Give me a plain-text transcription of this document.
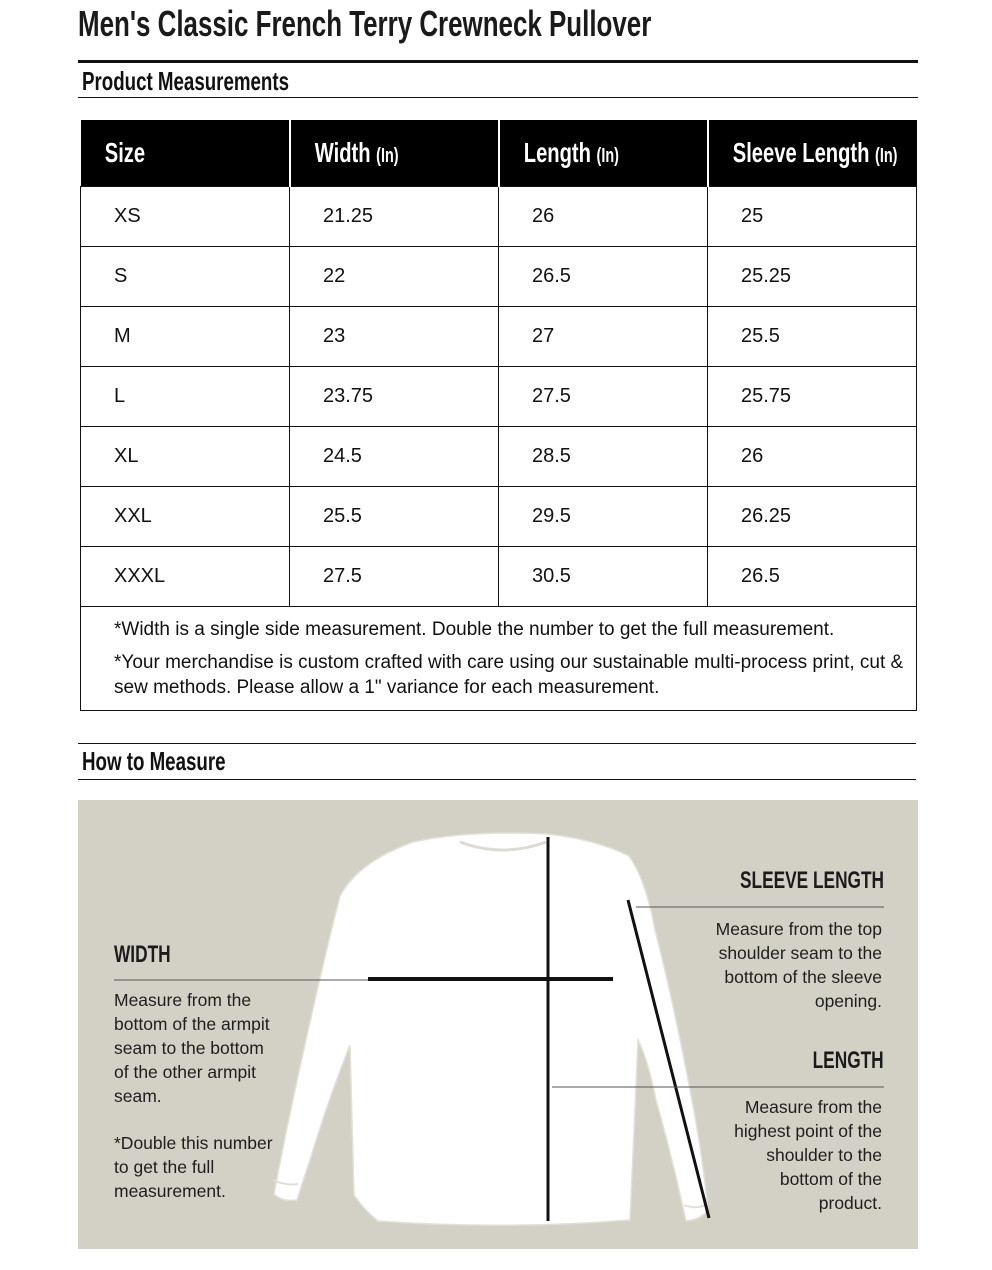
Men's Classic French Terry Crewneck Pullover
Product Measurements
Size	Width (In)	Length (In)	Sleeve Length (In)

XS	21.25	26	25
S	22	26.5	25.25
M	23	27	25.5
L	23.75	27.5	25.75
XL	24.5	28.5	26
XXL	25.5	29.5	26.25
XXXL	27.5	30.5	26.5

*Width is a single side measurement. Double the number to get the full measurement.

*Your merchandise is custom crafted with care using our sustainable multi-process print, cut & sew methods. Please allow a 1" variance for each measurement.			

How to Measure
WIDTH
Measure from the
bottom of the armpit
seam to the bottom
of the other armpit
seam.
*Double this number
to get the full
measurement.
SLEEVE LENGTH
Measure from the top
shoulder seam to the
bottom of the sleeve
opening.
LENGTH
Measure from the
highest point of the
shoulder to the
bottom of the
product.
